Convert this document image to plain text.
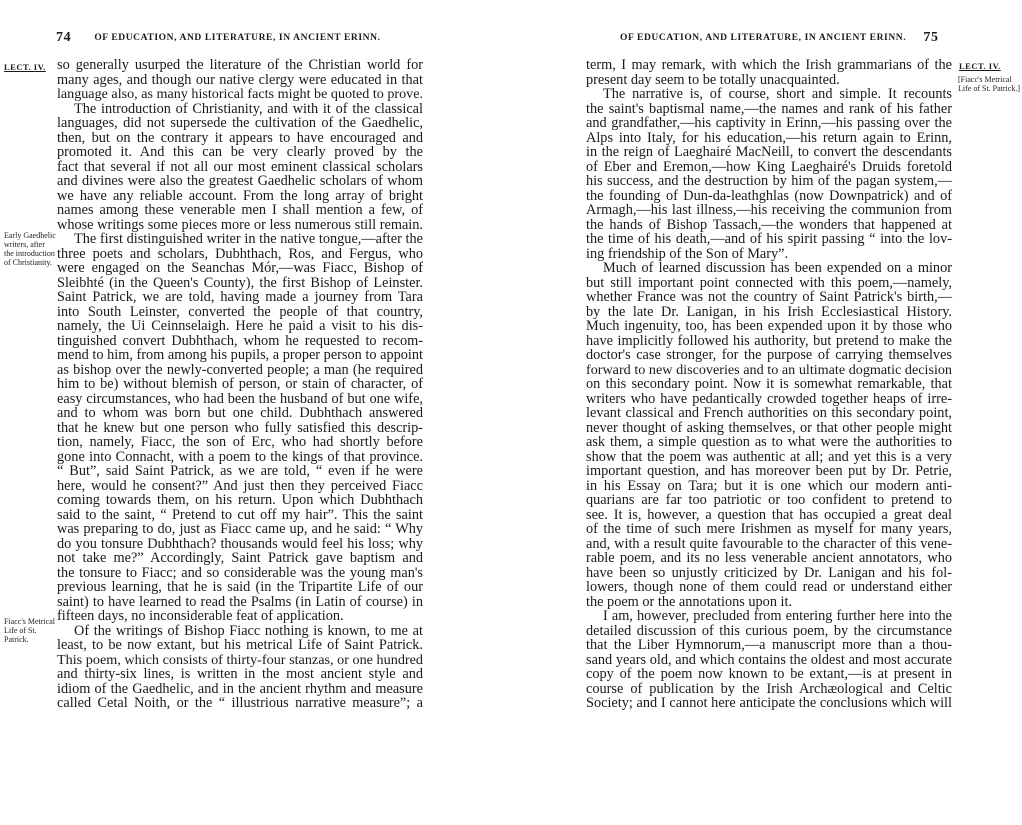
74 OF EDUCATION, AND LITERATURE, IN ANCIENT ERINN.
LECT. IV.
Early Gaedhelic writers, after the introduction of Christianity.
Fiacc's Metrical Life of St. Patrick.
so generally usurped the literature of the Christian world for
many ages, and though our native clergy were educated in that
language also, as many historical facts might be quoted to prove.
The introduction of Christianity, and with it of the classical
languages, did not supersede the cultivation of the Gaedhelic,
then, but on the contrary it appears to have encouraged and
promoted it. And this can be very clearly proved by the
fact that several if not all our most eminent classical scholars
and divines were also the greatest Gaedhelic scholars of whom
we have any reliable account. From the long array of bright
names among these venerable men I shall mention a few, of
whose writings some pieces more or less numerous still remain.
The first distinguished writer in the native tongue,—after the
three poets and scholars, Dubhthach, Ros, and Fergus, who
were engaged on the Seanchas Mór,—was Fiacc, Bishop of
Sleibhté (in the Queen's County), the first Bishop of Leinster.
Saint Patrick, we are told, having made a journey from Tara
into South Leinster, converted the people of that country,
namely, the Ui Ceinnselaigh. Here he paid a visit to his dis-
tinguished convert Dubhthach, whom he requested to recom-
mend to him, from among his pupils, a proper person to appoint
as bishop over the newly-converted people; a man (he required
him to be) without blemish of person, or stain of character, of
easy circumstances, who had been the husband of but one wife,
and to whom was born but one child. Dubhthach answered
that he knew but one person who fully satisfied this descrip-
tion, namely, Fiacc, the son of Erc, who had shortly before
gone into Connacht, with a poem to the kings of that province.
“ But”, said Saint Patrick, as we are told, “ even if he were
here, would he consent?” And just then they perceived Fiacc
coming towards them, on his return. Upon which Dubhthach
said to the saint, “ Pretend to cut off my hair”. This the saint
was preparing to do, just as Fiacc came up, and he said: “ Why
do you tonsure Dubhthach? thousands would feel his loss; why
not take me?” Accordingly, Saint Patrick gave baptism and
the tonsure to Fiacc; and so considerable was the young man's
previous learning, that he is said (in the Tripartite Life of our
saint) to have learned to read the Psalms (in Latin of course) in
fifteen days, no inconsiderable feat of application.
Of the writings of Bishop Fiacc nothing is known, to me at
least, to be now extant, but his metrical Life of Saint Patrick.
This poem, which consists of thirty-four stanzas, or one hundred
and thirty-six lines, is written in the most ancient style and
idiom of the Gaedhelic, and in the ancient rhythm and measure
called Cetal Noith, or the “ illustrious narrative measure”; a
OF EDUCATION, AND LITERATURE, IN ANCIENT ERINN. 75
LECT. IV.
[Fiacc's Metrical Life of St. Patrick.]
term, I may remark, with which the Irish grammarians of the
present day seem to be totally unacquainted.
The narrative is, of course, short and simple. It recounts
the saint's baptismal name,—the names and rank of his father
and grandfather,—his captivity in Erinn,—his passing over the
Alps into Italy, for his education,—his return again to Erinn,
in the reign of Laeghairé MacNeill, to convert the descendants
of Eber and Eremon,—how King Laeghairé's Druids foretold
his success, and the destruction by him of the pagan system,—
the founding of Dun-da-leathghlas (now Downpatrick) and of
Armagh,—his last illness,—his receiving the communion from
the hands of Bishop Tassach,—the wonders that happened at
the time of his death,—and of his spirit passing “ into the lov-
ing friendship of the Son of Mary”.
Much of learned discussion has been expended on a minor
but still important point connected with this poem,—namely,
whether France was not the country of Saint Patrick's birth,—
by the late Dr. Lanigan, in his Irish Ecclesiastical History.
Much ingenuity, too, has been expended upon it by those who
have implicitly followed his authority, but pretend to make the
doctor's case stronger, for the purpose of carrying themselves
forward to new discoveries and to an ultimate dogmatic decision
on this secondary point. Now it is somewhat remarkable, that
writers who have pedantically crowded together heaps of irre-
levant classical and French authorities on this secondary point,
never thought of asking themselves, or that other people might
ask them, a simple question as to what were the authorities to
show that the poem was authentic at all; and yet this is a very
important question, and has moreover been put by Dr. Petrie,
in his Essay on Tara; but it is one which our modern anti-
quarians are far too patriotic or too confident to pretend to
see. It is, however, a question that has occupied a great deal
of the time of such mere Irishmen as myself for many years,
and, with a result quite favourable to the character of this vene-
rable poem, and its no less venerable ancient annotators, who
have been so unjustly criticized by Dr. Lanigan and his fol-
lowers, though none of them could read or understand either
the poem or the annotations upon it.
I am, however, precluded from entering further here into the
detailed discussion of this curious poem, by the circumstance
that the Liber Hymnorum,—a manuscript more than a thou-
sand years old, and which contains the oldest and most accurate
copy of the poem now known to be extant,—is at present in
course of publication by the Irish Archæological and Celtic
Society; and I cannot here anticipate the conclusions which will
